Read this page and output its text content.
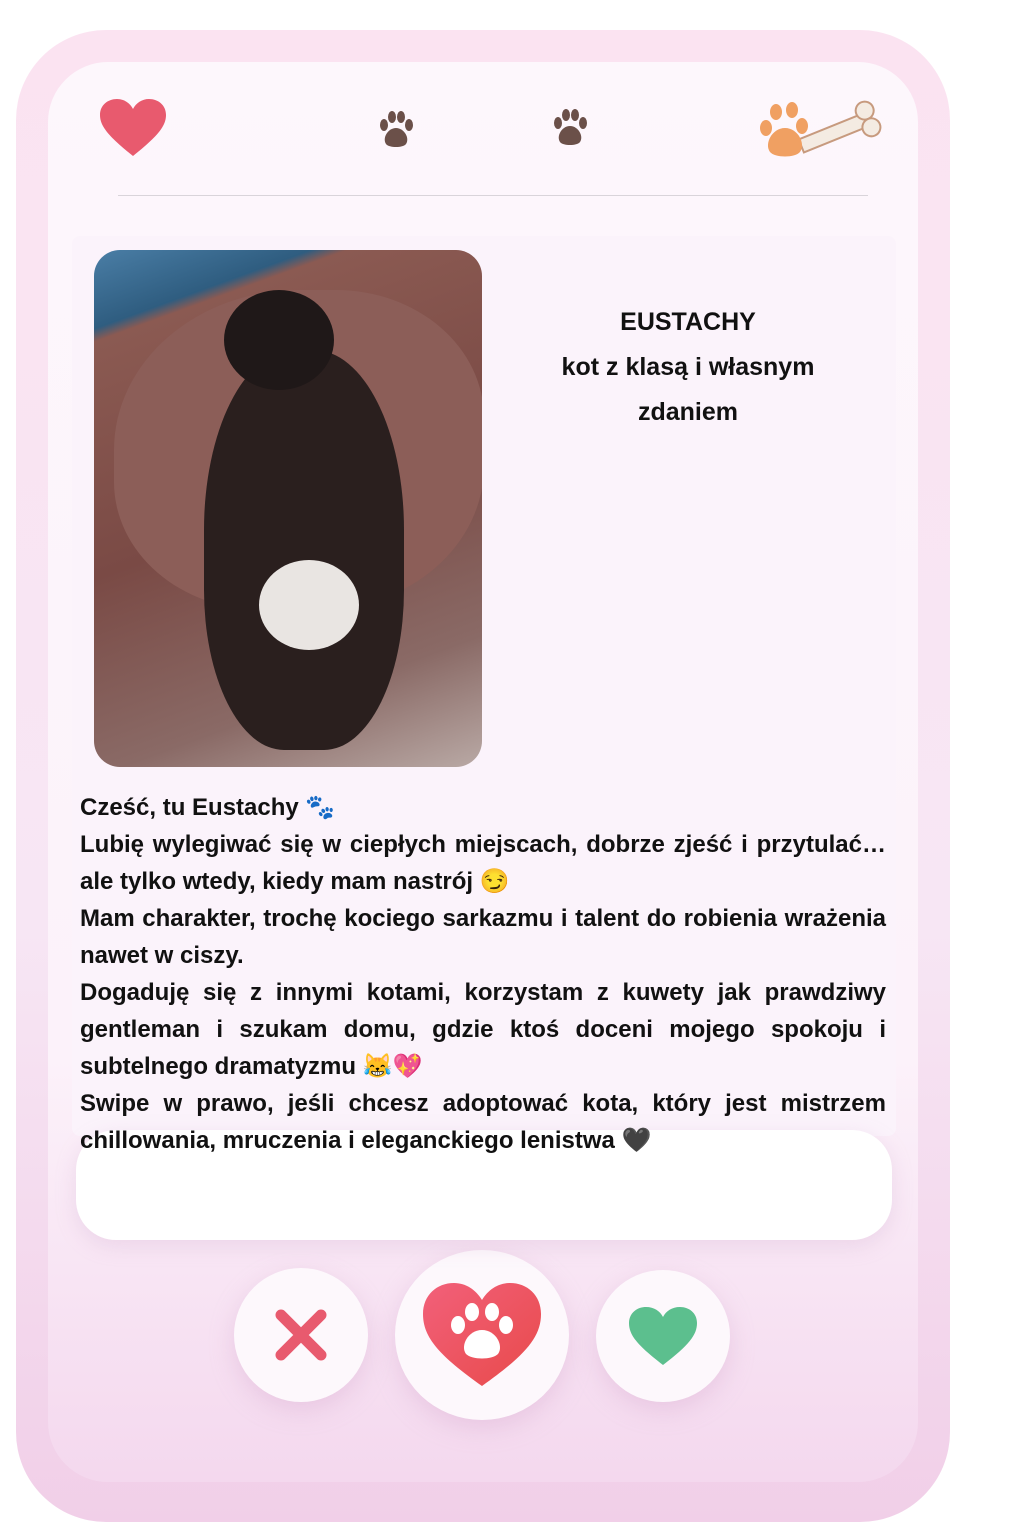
EUSTACHY
kot z klasą i własnym
zdaniem

Cześć, tu Eustachy 🐾

Lubię wylegiwać się w ciepłych miejscach, dobrze zjeść i przytulać… ale tylko wtedy, kiedy mam nastrój 😏

Mam charakter, trochę kociego sarkazmu i talent do robienia wrażenia nawet w ciszy.

Dogaduję się z innymi kotami, korzystam z kuwety jak prawdziwy gentleman i szukam domu, gdzie ktoś doceni mojego spokoju i subtelnego dramatyzmu 😹💖

Swipe w prawo, jeśli chcesz adoptować kota, który jest mistrzem chillowania, mruczenia i eleganckiego lenistwa 🖤
